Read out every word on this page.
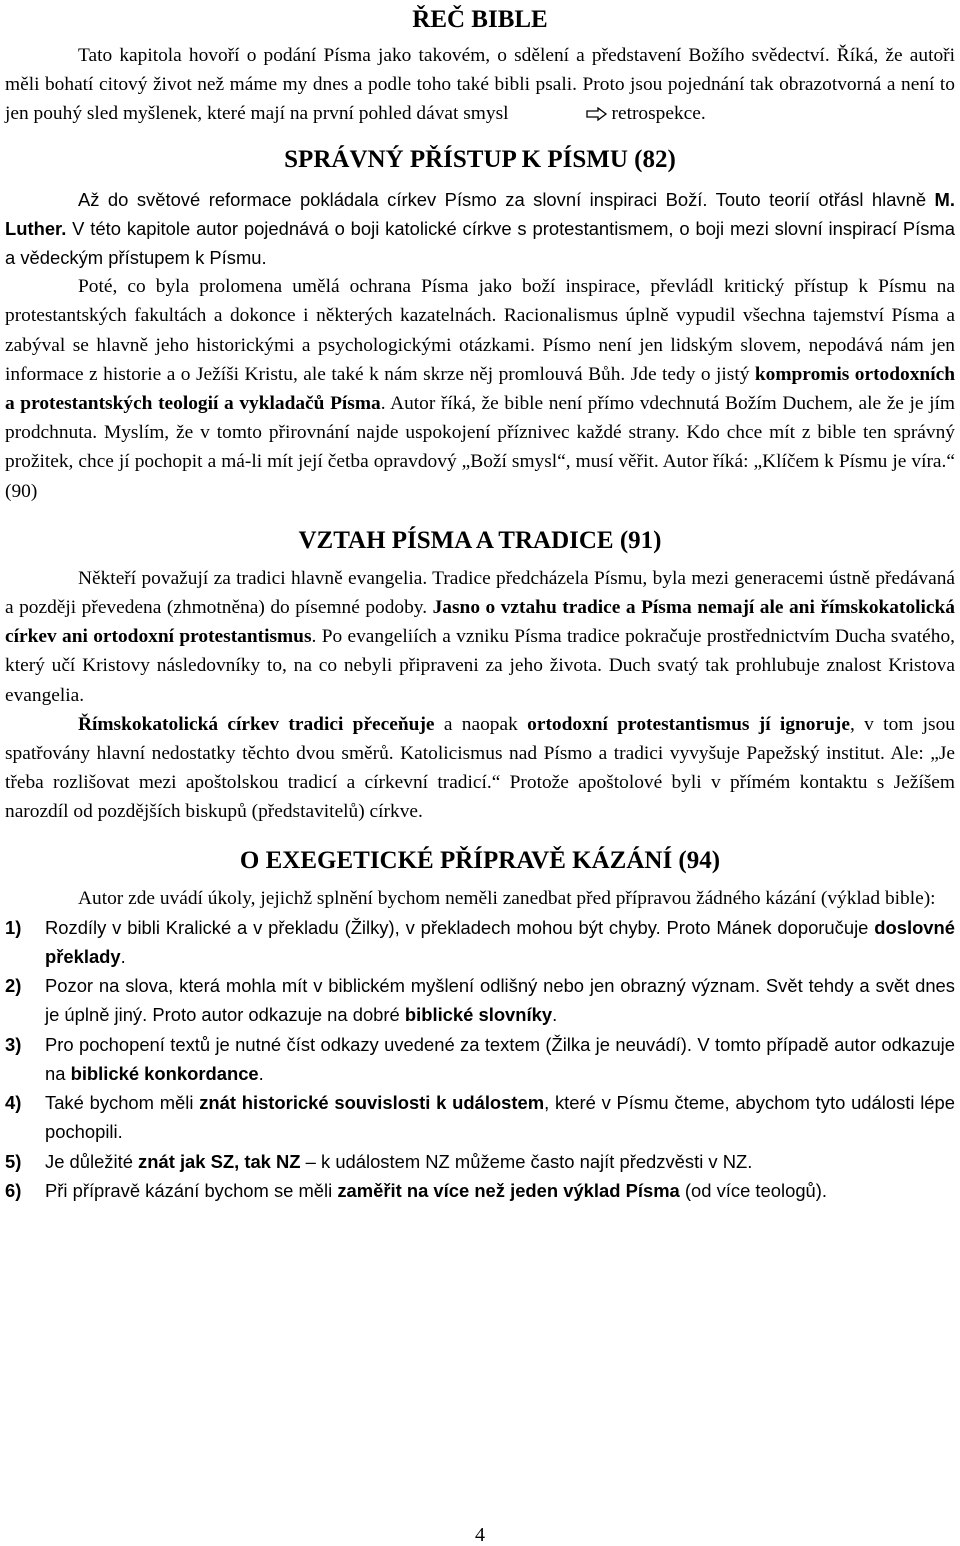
ŘEČ BIBLE

Tato kapitola hovoří o podání Písma jako takovém, o sdělení a představení Božího svědectví. Říká, že autoři měli bohatí citový život než máme my dnes a podle toho také bibli psali. Proto jsou pojednání tak obrazotvorná a není to jen pouhý sled myšlenek, které mají na první pohled dávat smysl	retrospekce.

SPRÁVNÝ PŘÍSTUP K PÍSMU (82)

Až do světové reformace pokládala církev Písmo za slovní inspiraci Boží. Touto teorií otřásl hlavně M. Luther. V této kapitole autor pojednává o boji katolické církve s protestantismem, o boji mezi slovní inspirací Písma a vědeckým přístupem k Písmu.

Poté, co byla prolomena umělá ochrana Písma jako boží inspirace, převládl kritický přístup k Písmu na protestantských fakultách a dokonce i některých kazatelnách. Racionalismus úplně vypudil všechna tajemství Písma a zabýval se hlavně jeho historickými a psychologickými otázkami. Písmo není jen lidským slovem, nepodává nám jen informace z historie a o Ježíši Kristu, ale také k nám skrze něj promlouvá Bůh. Jde tedy o jistý kompromis ortodoxních a protestantských teologií a vykladačů Písma. Autor říká, že bible není přímo vdechnutá Božím Duchem, ale že je jím prodchnuta. Myslím, že v tomto přirovnání najde uspokojení příznivec každé strany. Kdo chce mít z bible ten správný prožitek, chce jí pochopit a má-li mít její četba opravdový „Boží smysl“, musí věřit. Autor říká: „Klíčem k Písmu je víra.“ (90)

VZTAH PÍSMA A TRADICE (91)

Někteří považují za tradici hlavně evangelia. Tradice předcházela Písmu, byla mezi generacemi ústně předávaná a později převedena (zhmotněna) do písemné podoby. Jasno o vztahu tradice a Písma nemají ale ani římskokatolická církev ani ortodoxní protestantismus. Po evangeliích a vzniku Písma tradice pokračuje prostřednictvím Ducha svatého, který učí Kristovy následovníky to, na co nebyli připraveni za jeho života. Duch svatý tak prohlubuje znalost Kristova evangelia.

Římskokatolická církev tradici přeceňuje a naopak ortodoxní protestantismus jí ignoruje, v tom jsou spatřovány hlavní nedostatky těchto dvou směrů. Katolicismus nad Písmo a tradici vyvyšuje Papežský institut. Ale: „Je třeba rozlišovat mezi apoštolskou tradicí a církevní tradicí.“ Protože apoštolové byli v přímém kontaktu s Ježíšem narozdíl od pozdějších biskupů (představitelů) církve.

O EXEGETICKÉ PŘÍPRAVĚ KÁZÁNÍ (94)

Autor zde uvádí úkoly, jejichž splnění bychom neměli zanedbat před přípravou žádného kázání (výklad bible):

1) Rozdíly v bibli Kralické a v překladu (Žilky), v překladech mohou být chyby. Proto Mánek doporučuje doslovné překlady.
2) Pozor na slova, která mohla mít v biblickém myšlení odlišný nebo jen obrazný význam. Svět tehdy a svět dnes je úplně jiný. Proto autor odkazuje na dobré biblické slovníky.
3) Pro pochopení textů je nutné číst odkazy uvedené za textem (Žilka je neuvádí). V tomto případě autor odkazuje na biblické konkordance.
4) Také bychom měli znát historické souvislosti k událostem, které v Písmu čteme, abychom tyto události lépe pochopili.
5) Je důležité znát jak SZ, tak NZ – k událostem NZ můžeme často najít předzvěsti v NZ.
6) Při přípravě kázání bychom se měli zaměřit na více než jeden výklad Písma (od více teologů).
4
